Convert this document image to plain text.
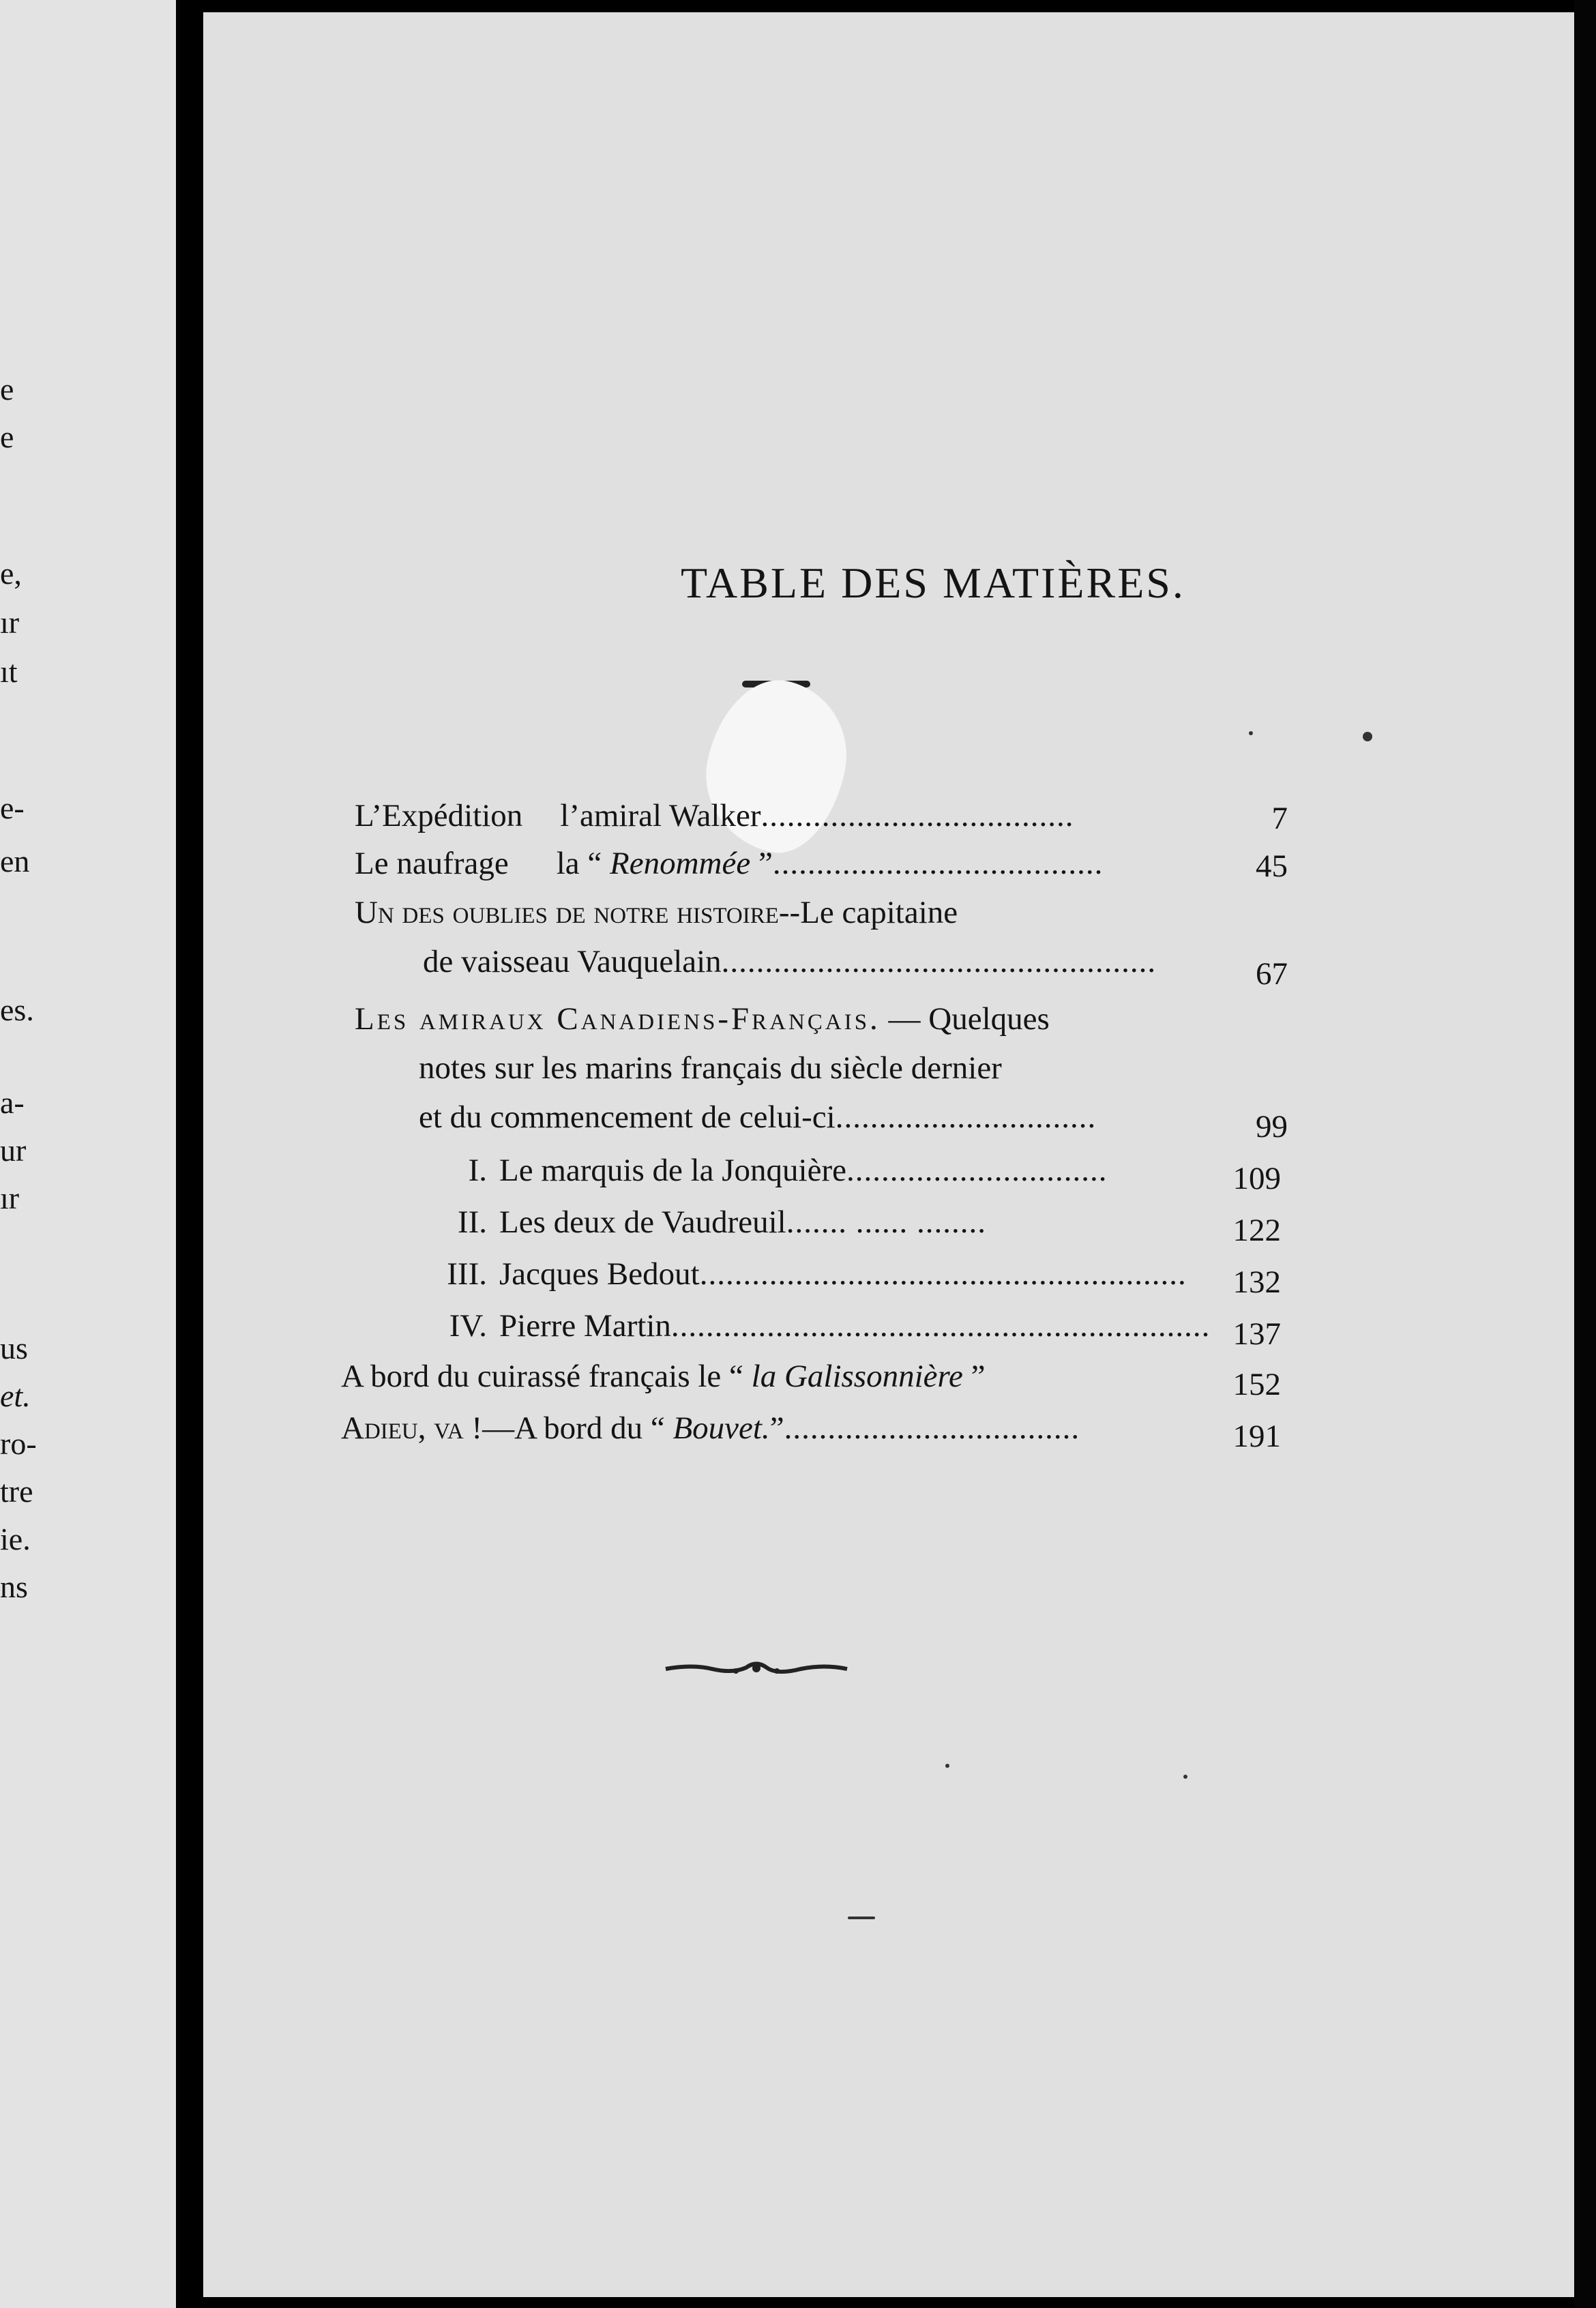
e
e
e,
ır
ıt
e-
en
es.
a-
ur
ır
us
et.
ro-
tre
ie.
ns
TABLE DES MATIÈRES.
L’Expédition l’amiral Walker....................................	7
Le naufrage la “ Renommée ”......................................	45
Un des oublies de notre histoire--Le capitaine
de vaisseau Vauquelain..................................................	67
Les amiraux Canadiens-Français. — Quelques
notes sur les marins français du siècle dernier
et du commencement de celui-ci..............................	99
I. Le marquis de la Jonquière..............................	109
II. Les deux de Vaudreuil....... ...... ........	122
III. Jacques Bedout........................................................	132
IV. Pierre Martin.............................................................. 137
A bord du cuirassé français le “ la Galissonnière ”	152
Adieu, va !—A bord du “ Bouvet.”..................................	191
